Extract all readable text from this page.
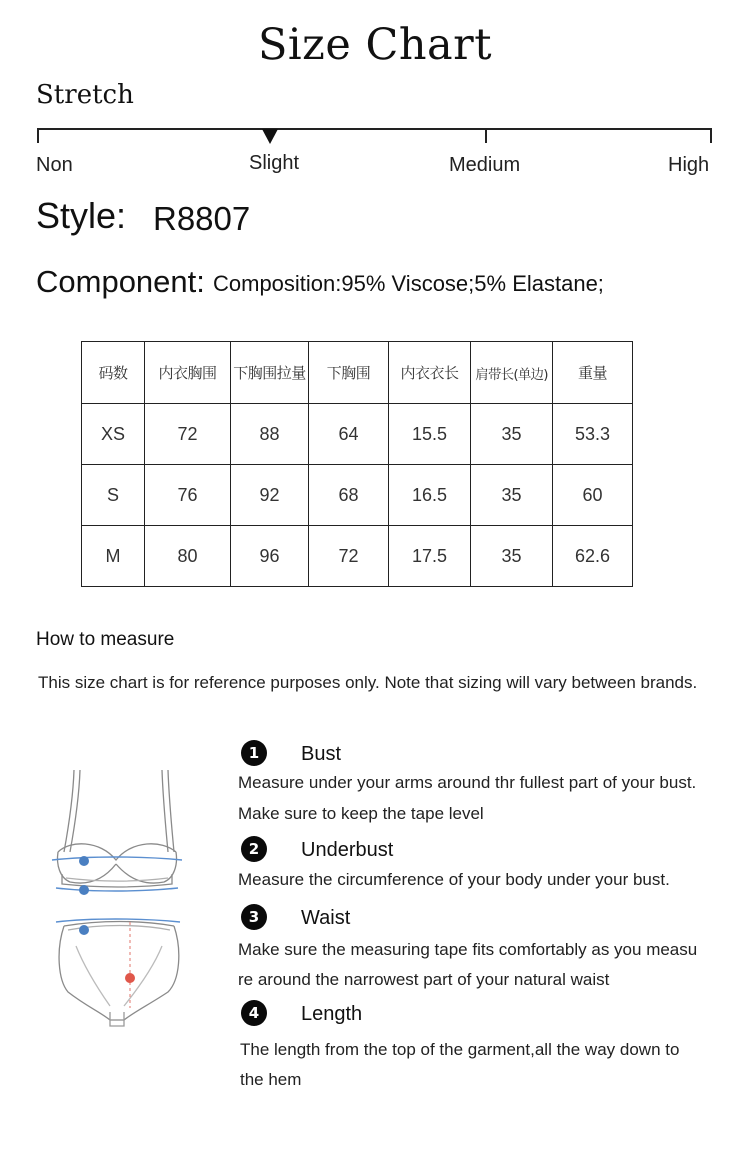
Size Chart
Stretch
Non	Slight	Medium	High
Style: R8807
Component: Composition:95% Viscose;5% Elastane;
码数	内衣胸围	下胸围拉量	下胸围	内衣衣长	肩带长(单边)	重量
XS	72	88	64	15.5	35	53.3
S	76	92	68	16.5	35	60
M	80	96	72	17.5	35	62.6
How to measure
This size chart is for reference purposes only. Note that sizing will vary between brands.
1	Bust
Measure under your arms around thr fullest part of your bust.
Make sure to keep the tape level
2	Underbust
Measure the circumference of your body under your bust.
3	Waist
Make sure the measuring tape fits comfortably as you measu
re around the narrowest part of your natural waist
4	Length
The length from the top of the garment,all the way down to
the hem
